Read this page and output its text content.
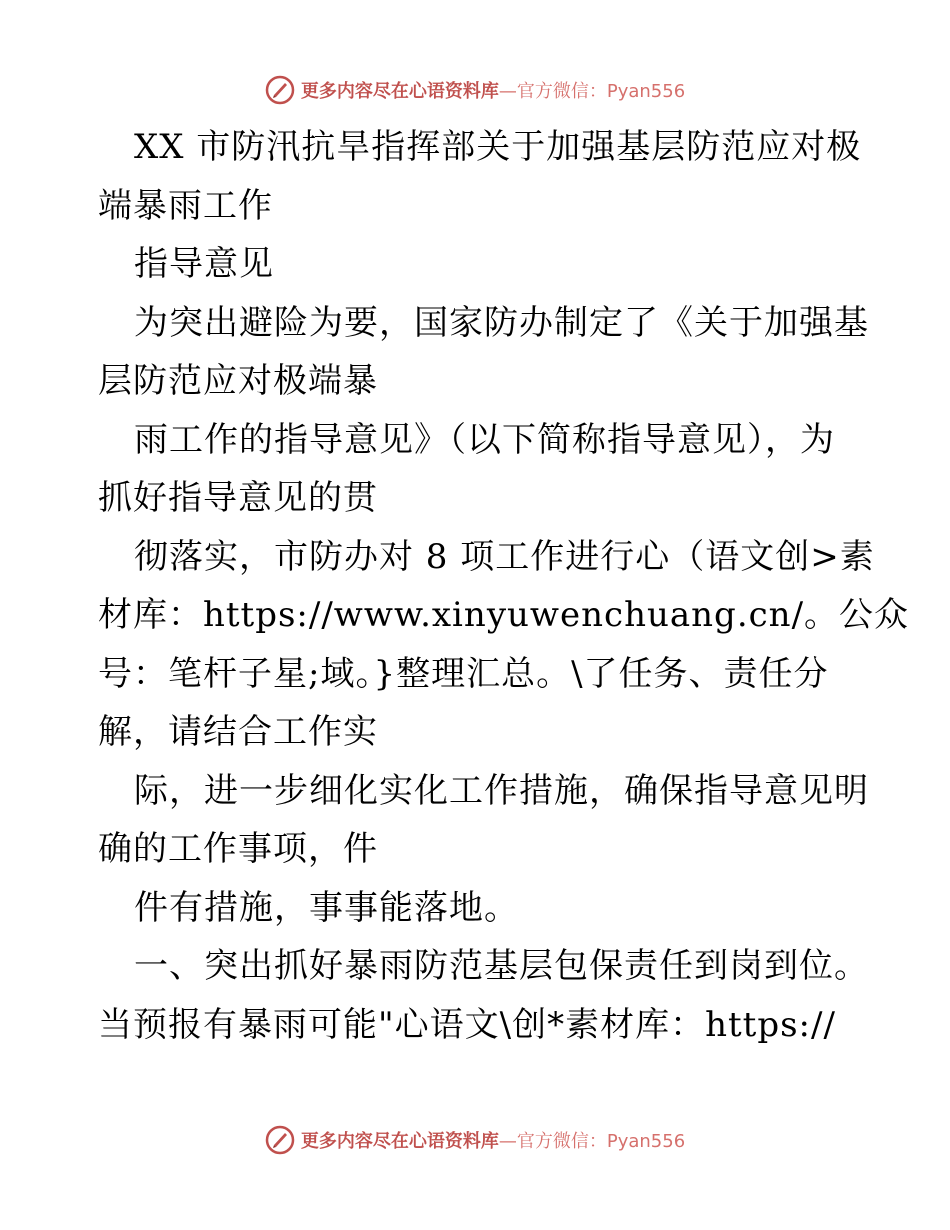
更多内容尽在心语资料库 —官方微信：Pyan556
XX 市防汛抗旱指挥部关于加强基层防范应对极
端暴雨工作
指导意见
为突出避险为要，国家防办制定了《关于加强基
层防范应对极端暴
雨工作的指导意见》（以下简称指导意见），为
抓好指导意见的贯
彻落实，市防办对 8 项工作进行心（语文创>素
材库：https://www.xinyuwenchuang.cn/。公众
号：笔杆子星;域。}整理汇总。\了任务、责任分
解，请结合工作实
际，进一步细化实化工作措施，确保指导意见明
确的工作事项，件
件有措施，事事能落地。
一、突出抓好暴雨防范基层包保责任到岗到位。
当预报有暴雨可能"心语文\创*素材库：https://
更多内容尽在心语资料库 —官方微信：Pyan556
